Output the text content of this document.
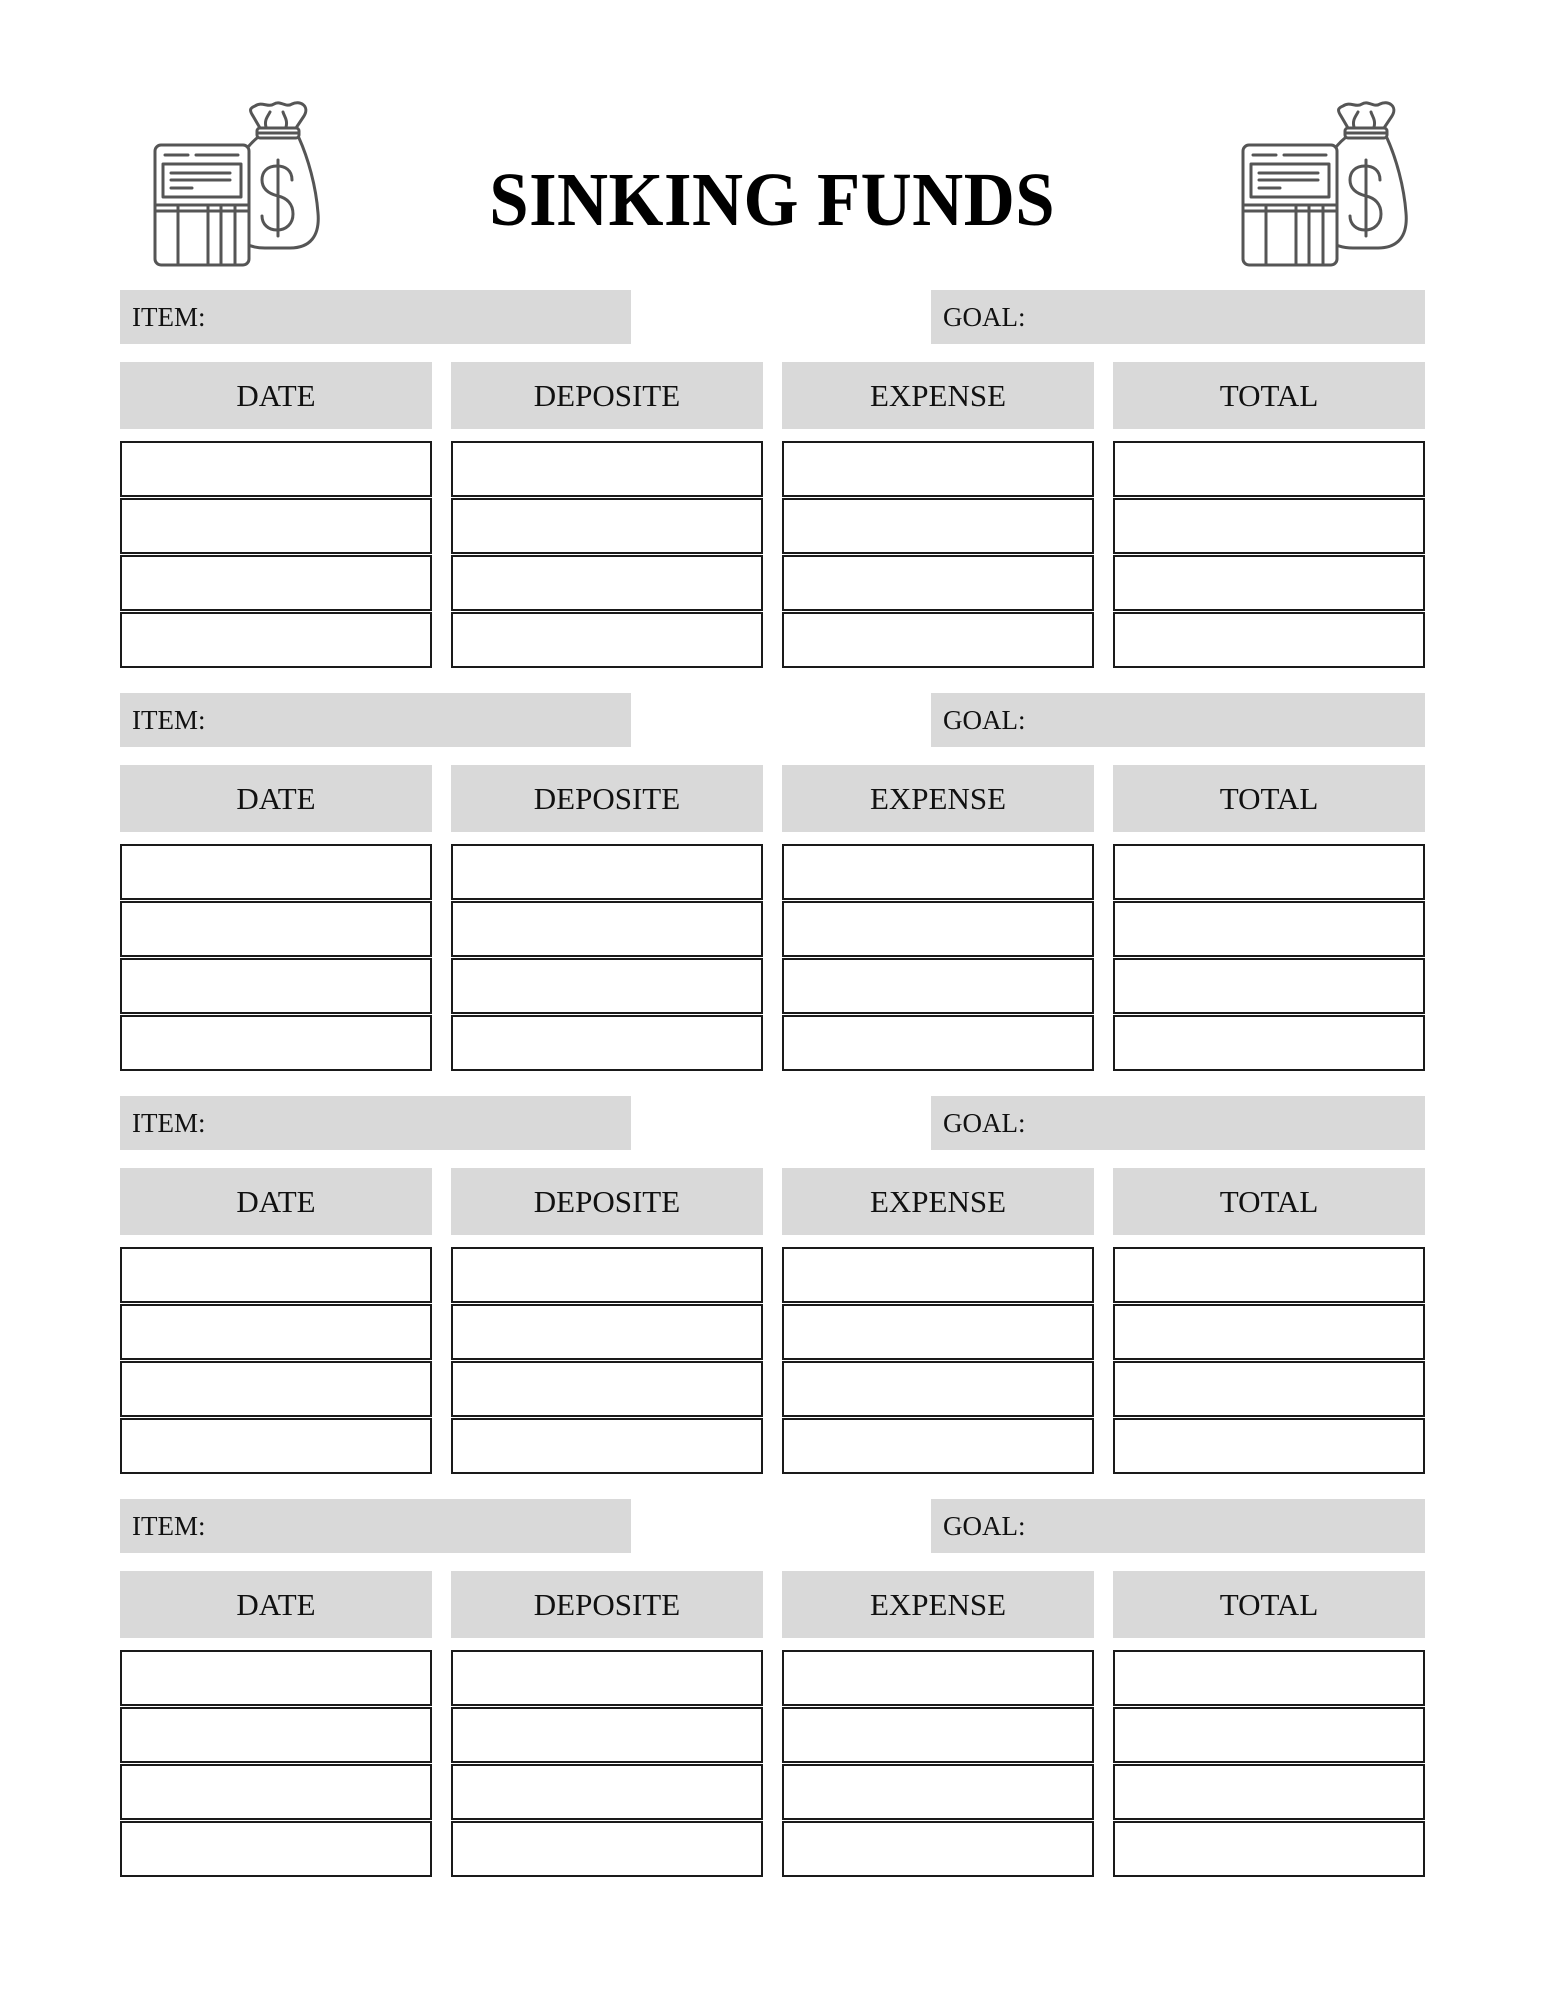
SINKING FUNDS
ITEM:	GOAL:
DATE	DEPOSITE	EXPENSE	TOTAL
ITEM:	GOAL:
DATE	DEPOSITE	EXPENSE	TOTAL
ITEM:	GOAL:
DATE	DEPOSITE	EXPENSE	TOTAL
ITEM:	GOAL:
DATE	DEPOSITE	EXPENSE	TOTAL
